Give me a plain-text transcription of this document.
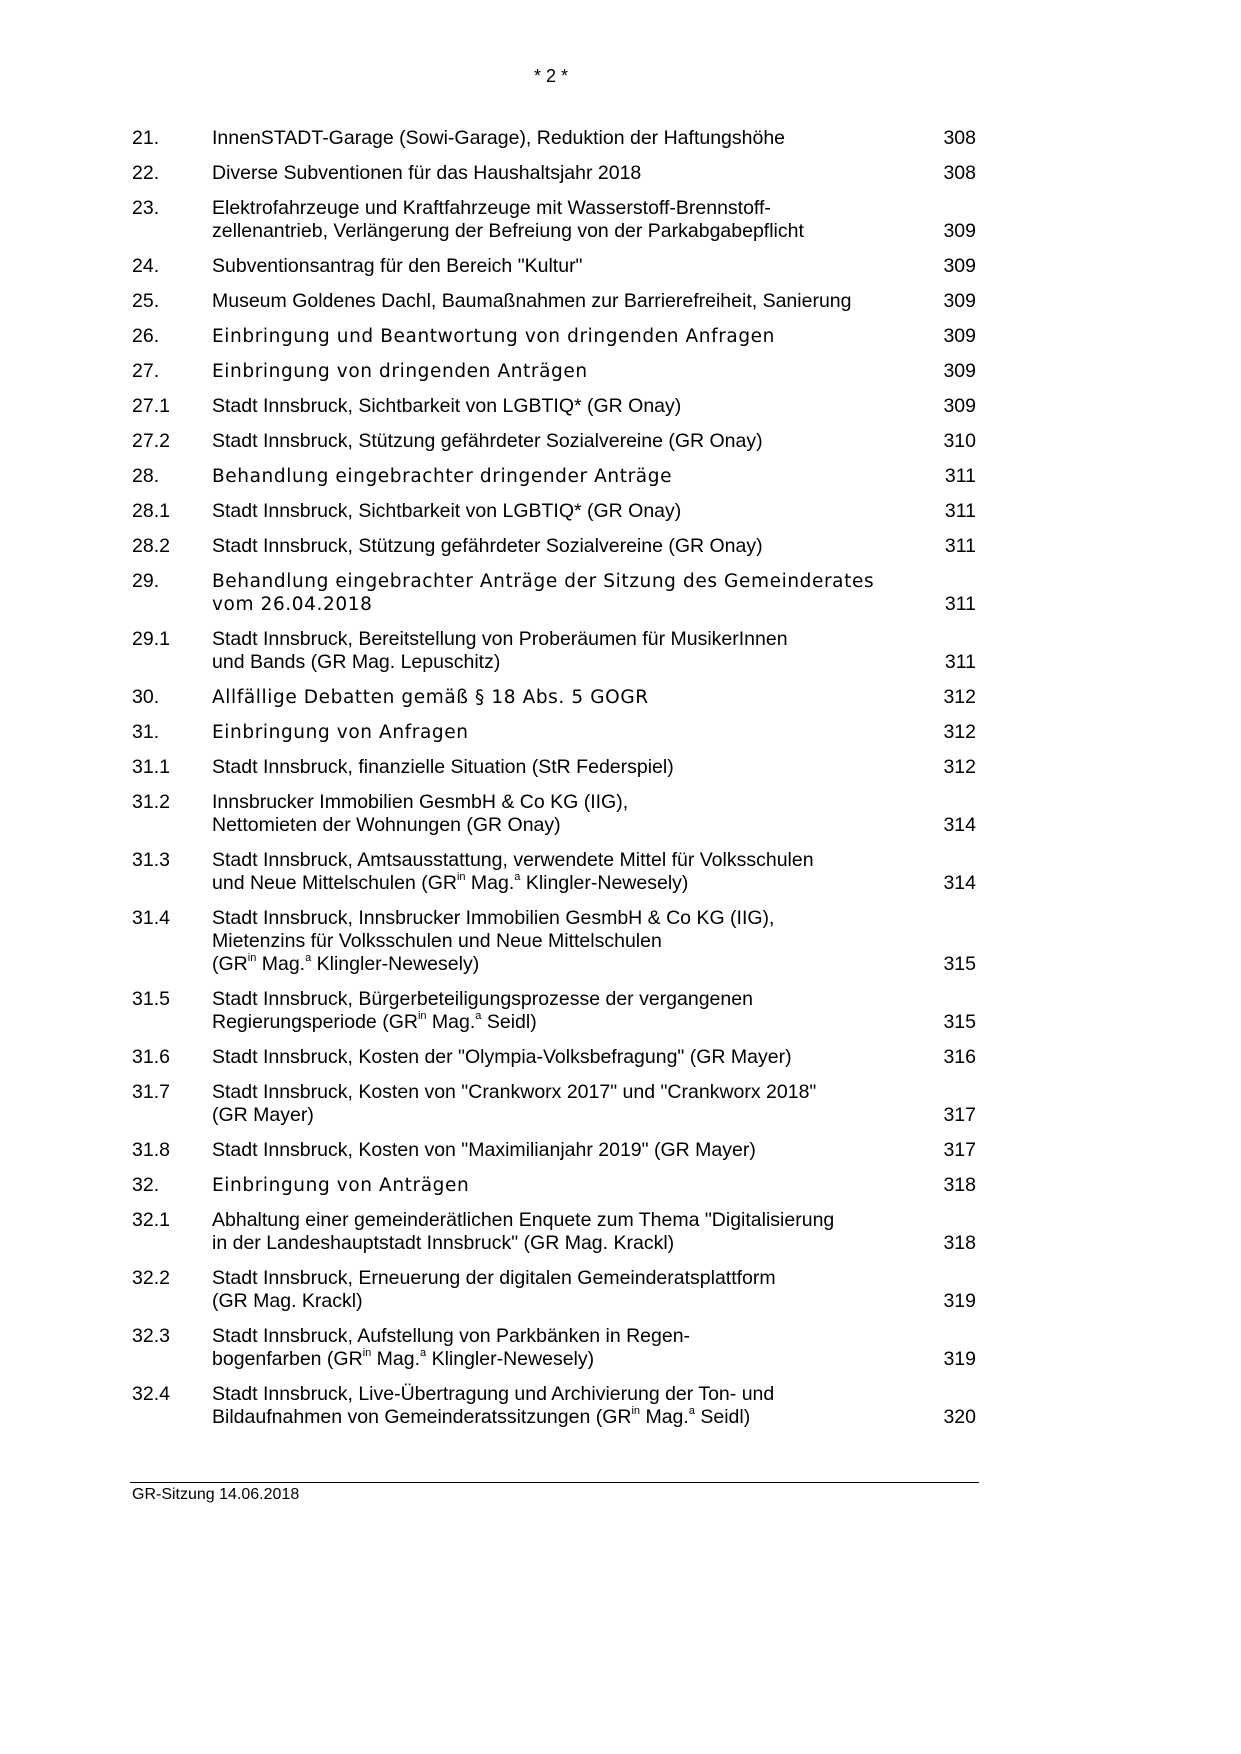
* 2 *
21.	InnenSTADT-Garage (Sowi-Garage), Reduktion der Haftungshöhe	308
22.	Diverse Subventionen für das Haushaltsjahr 2018	308
23.	Elektrofahrzeuge und Kraftfahrzeuge mit Wasserstoff-Brennstoff-
zellenantrieb, Verlängerung der Befreiung von der Parkabgabepflicht	309
24.	Subventionsantrag für den Bereich "Kultur"	309
25.	Museum Goldenes Dachl, Baumaßnahmen zur Barrierefreiheit, Sanierung	309
26.	Einbringung und Beantwortung von dringenden Anfragen	309
27.	Einbringung von dringenden Anträgen	309
27.1 Stadt Innsbruck, Sichtbarkeit von LGBTIQ* (GR Onay)	309
27.2 Stadt Innsbruck, Stützung gefährdeter Sozialvereine (GR Onay)	310
28.	Behandlung eingebrachter dringender Anträge	311
28.1 Stadt Innsbruck, Sichtbarkeit von LGBTIQ* (GR Onay)	311
28.2 Stadt Innsbruck, Stützung gefährdeter Sozialvereine (GR Onay)	311
29.	Behandlung eingebrachter Anträge der Sitzung des Gemeinderates
vom 26.04.2018	311
29.1 Stadt Innsbruck, Bereitstellung von Proberäumen für MusikerInnen
und Bands (GR Mag. Lepuschitz)	311
30.	Allfällige Debatten gemäß § 18 Abs. 5 GOGR	312
31.	Einbringung von Anfragen	312
31.1 Stadt Innsbruck, finanzielle Situation (StR Federspiel)	312
31.2 Innsbrucker Immobilien GesmbH & Co KG (IIG),
Nettomieten der Wohnungen (GR Onay)	314
31.3 Stadt Innsbruck, Amtsausstattung, verwendete Mittel für Volksschulen
und Neue Mittelschulen ($GR^{in}$ Mag.$^a$ Klingler-Newesely)	314
31.4 Stadt Innsbruck, Innsbrucker Immobilien GesmbH & Co KG (IIG),
Mietenzins für Volksschulen und Neue Mittelschulen
($GR^{in}$ Mag.$^a$ Klingler-Newesely)	315
31.5 Stadt Innsbruck, Bürgerbeteiligungsprozesse der vergangenen
Regierungsperiode ($GR^{in}$ Mag.$^a$ Seidl)	315
31.6 Stadt Innsbruck, Kosten der "Olympia-Volksbefragung" (GR Mayer)	316
31.7 Stadt Innsbruck, Kosten von "Crankworx 2017" und "Crankworx 2018"
(GR Mayer)	317
31.8 Stadt Innsbruck, Kosten von "Maximilianjahr 2019" (GR Mayer)	317
32.	Einbringung von Anträgen	318
32.1 Abhaltung einer gemeinderätlichen Enquete zum Thema "Digitalisierung
in der Landeshauptstadt Innsbruck" (GR Mag. Krackl)	318
32.2 Stadt Innsbruck, Erneuerung der digitalen Gemeinderatsplattform
(GR Mag. Krackl)	319
32.3 Stadt Innsbruck, Aufstellung von Parkbänken in Regen-
bogenfarben ($GR^{in}$ Mag.$^a$ Klingler-Newesely)	319
32.4 Stadt Innsbruck, Live-Übertragung und Archivierung der Ton- und
Bildaufnahmen von Gemeinderatssitzungen ($GR^{in}$ Mag.$^a$ Seidl)	320
GR-Sitzung 14.06.2018
